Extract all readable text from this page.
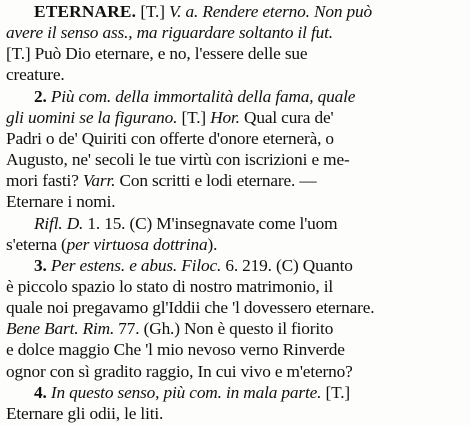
ETERNARE. [T.] V. a. Rendere eterno. Non può
avere il senso ass., ma riguardare soltanto il fut.
[T.] Può Dio eternare, e no, l'essere delle sue
creature.
2. Più com. della immortalità della fama, quale
gli uomini se la figurano. [T.] Hor. Qual cura de'
Padri o de' Quiriti con offerte d'onore eternerà, o
Augusto, ne' secoli le tue virtù con iscrizioni e me-
mori fasti? Varr. Con scritti e lodi eternare. —
Eternare i nomi.
Rifl. D. 1. 15. (C) M'insegnavate come l'uom
s'eterna (per virtuosa dottrina).
3. Per estens. e abus. Filoc. 6. 219. (C) Quanto
è piccolo spazio lo stato di nostro matrimonio, il
quale noi pregavamo gl'Iddii che 'l dovessero eternare.
Bene Bart. Rim. 77. (Gh.) Non è questo il fiorito
e dolce maggio Che 'l mio nevoso verno Rinverde
ognor con sì gradito raggio, In cui vivo e m'eterno?
4. In questo senso, più com. in mala parte. [T.]
Eternare gli odii, le liti.
